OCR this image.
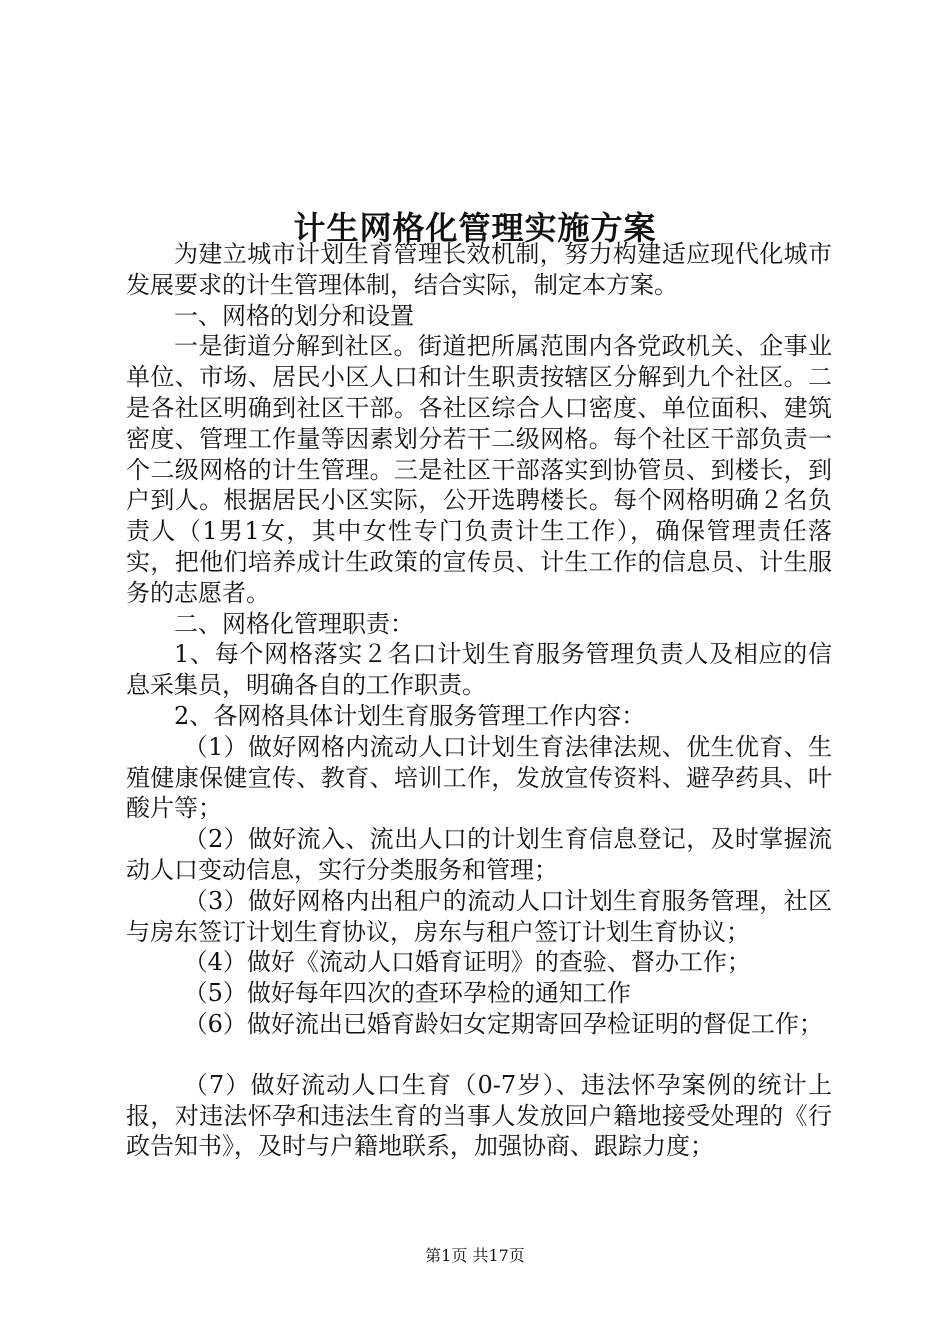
计生网格化管理实施方案

为建立城市计划生育管理长效机制，努力构建适应现代化城市发展要求的计生管理体制，结合实际，制定本方案。

一、网格的划分和设置

一是街道分解到社区。街道把所属范围内各党政机关、企事业单位、市场、居民小区人口和计生职责按辖区分解到九个社区。二是各社区明确到社区干部。各社区综合人口密度、单位面积、建筑密度、管理工作量等因素划分若干二级网格。每个社区干部负责一个二级网格的计生管理。三是社区干部落实到协管员、到楼长，到户到人。根据居民小区实际，公开选聘楼长。每个网格明确２名负责人（1男1女，其中女性专门负责计生工作），确保管理责任落实，把他们培养成计生政策的宣传员、计生工作的信息员、计生服务的志愿者。

二、网格化管理职责：

1、每个网格落实２名口计划生育服务管理负责人及相应的信息采集员，明确各自的工作职责。

2、各网格具体计划生育服务管理工作内容：

（1）做好网格内流动人口计划生育法律法规、优生优育、生殖健康保健宣传、教育、培训工作，发放宣传资料、避孕药具、叶酸片等；

（2）做好流入、流出人口的计划生育信息登记，及时掌握流动人口变动信息，实行分类服务和管理；

（3）做好网格内出租户的流动人口计划生育服务管理，社区与房东签订计划生育协议，房东与租户签订计划生育协议；

（4）做好《流动人口婚育证明》的查验、督办工作；

（5）做好每年四次的查环孕检的通知工作

（6）做好流出已婚育龄妇女定期寄回孕检证明的督促工作；

（7）做好流动人口生育（0-7岁）、违法怀孕案例的统计上报，对违法怀孕和违法生育的当事人发放回户籍地接受处理的《行政告知书》，及时与户籍地联系，加强协商、跟踪力度；

第1页 共17页
